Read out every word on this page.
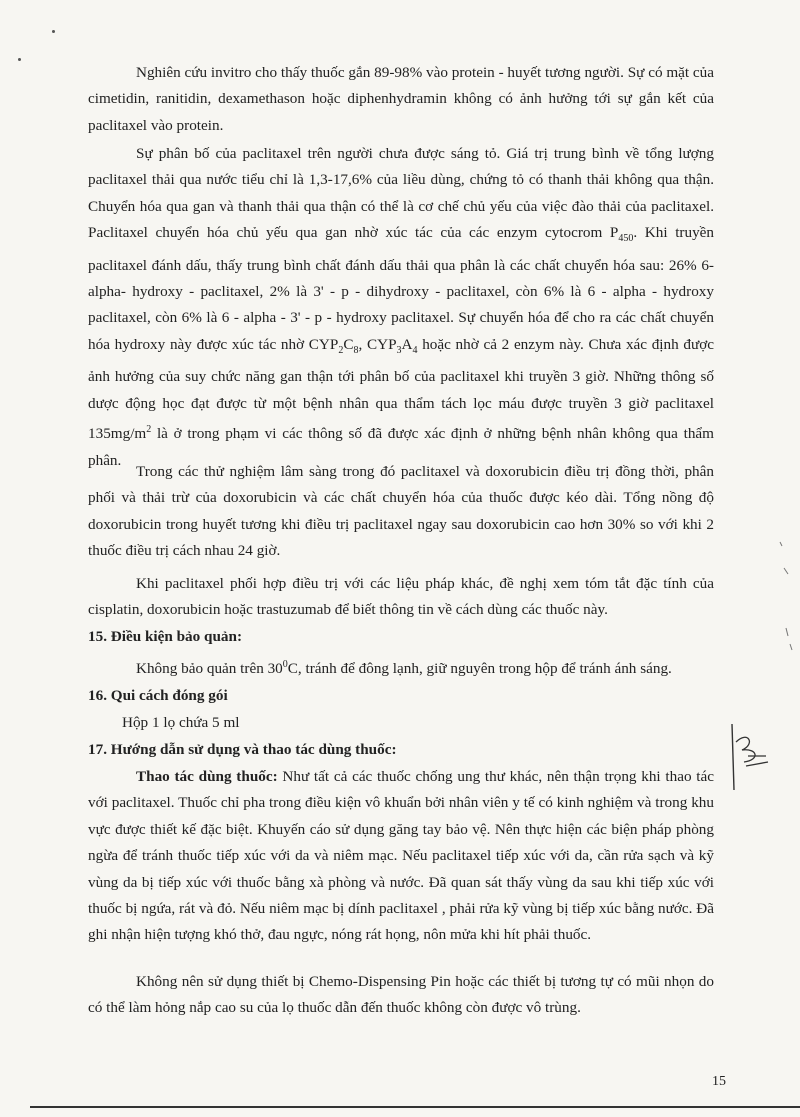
Nghiên cứu invitro cho thấy thuốc gắn 89-98% vào protein - huyết tương người. Sự có mặt của cimetidin, ranitidin, dexamethason hoặc diphenhydramin không có ảnh hưởng tới sự gắn kết của paclitaxel vào protein.

Sự phân bố của paclitaxel trên người chưa được sáng tỏ. Giá trị trung bình về tổng lượng paclitaxel thải qua nước tiểu chỉ là 1,3-17,6% của liều dùng, chứng tỏ có thanh thải không qua thận. Chuyển hóa qua gan và thanh thải qua thận có thể là cơ chế chủ yếu của việc đào thải của paclitaxel. Paclitaxel chuyển hóa chủ yếu qua gan nhờ xúc tác của các enzym cytocrom $P_{450}$. Khi truyền paclitaxel đánh dấu, thấy trung bình chất đánh dấu thải qua phân là các chất chuyển hóa sau: 26% 6-alpha- hydroxy - paclitaxel, 2% là 3' - p - dihydroxy - paclitaxel, còn 6% là 6 - alpha - hydroxy paclitaxel, còn 6% là 6 - alpha - 3' - p - hydroxy paclitaxel. Sự chuyển hóa để cho ra các chất chuyển hóa hydroxy này được xúc tác nhờ $CYP_2C_8$, $CYP_3A_4$ hoặc nhờ cả 2 enzym này. Chưa xác định được ảnh hưởng của suy chức năng gan thận tới phân bố của paclitaxel khi truyền 3 giờ. Những thông số dược động học đạt được từ một bệnh nhân qua thẩm tách lọc máu được truyền 3 giờ paclitaxel $135mg/m^2$ là ở trong phạm vi các thông số đã được xác định ở những bệnh nhân không qua thẩm phân.

Trong các thử nghiệm lâm sàng trong đó paclitaxel và doxorubicin điều trị đồng thời, phân phối và thải trừ của doxorubicin và các chất chuyển hóa của thuốc được kéo dài. Tổng nồng độ doxorubicin trong huyết tương khi điều trị paclitaxel ngay sau doxorubicin cao hơn 30% so với khi 2 thuốc điều trị cách nhau 24 giờ.

Khi paclitaxel phối hợp điều trị với các liệu pháp khác, đề nghị xem tóm tắt đặc tính của cisplatin, doxorubicin hoặc trastuzumab để biết thông tin về cách dùng các thuốc này.

15. Điều kiện bảo quản:

Không bảo quản trên $30^0C$, tránh để đông lạnh, giữ nguyên trong hộp để tránh ánh sáng.

16. Qui cách đóng gói

Hộp 1 lọ chứa 5 ml

17. Hướng dẫn sử dụng và thao tác dùng thuốc:

Thao tác dùng thuốc: Như tất cả các thuốc chống ung thư khác, nên thận trọng khi thao tác với paclitaxel. Thuốc chỉ pha trong điều kiện vô khuẩn bởi nhân viên y tế có kinh nghiệm và trong khu vực được thiết kế đặc biệt. Khuyến cáo sử dụng găng tay bảo vệ. Nên thực hiện các biện pháp phòng ngừa để tránh thuốc tiếp xúc với da và niêm mạc. Nếu paclitaxel tiếp xúc với da, cần rửa sạch và kỹ vùng da bị tiếp xúc với thuốc bằng xà phòng và nước. Đã quan sát thấy vùng da sau khi tiếp xúc với thuốc bị ngứa, rát và đỏ. Nếu niêm mạc bị dính paclitaxel , phải rửa kỹ vùng bị tiếp xúc bằng nước. Đã ghi nhận hiện tượng khó thở, đau ngực, nóng rát họng, nôn mửa khi hít phải thuốc.

Không nên sử dụng thiết bị Chemo-Dispensing Pin hoặc các thiết bị tương tự có mũi nhọn do có thể làm hỏng nắp cao su của lọ thuốc dẫn đến thuốc không còn được vô trùng.

15
